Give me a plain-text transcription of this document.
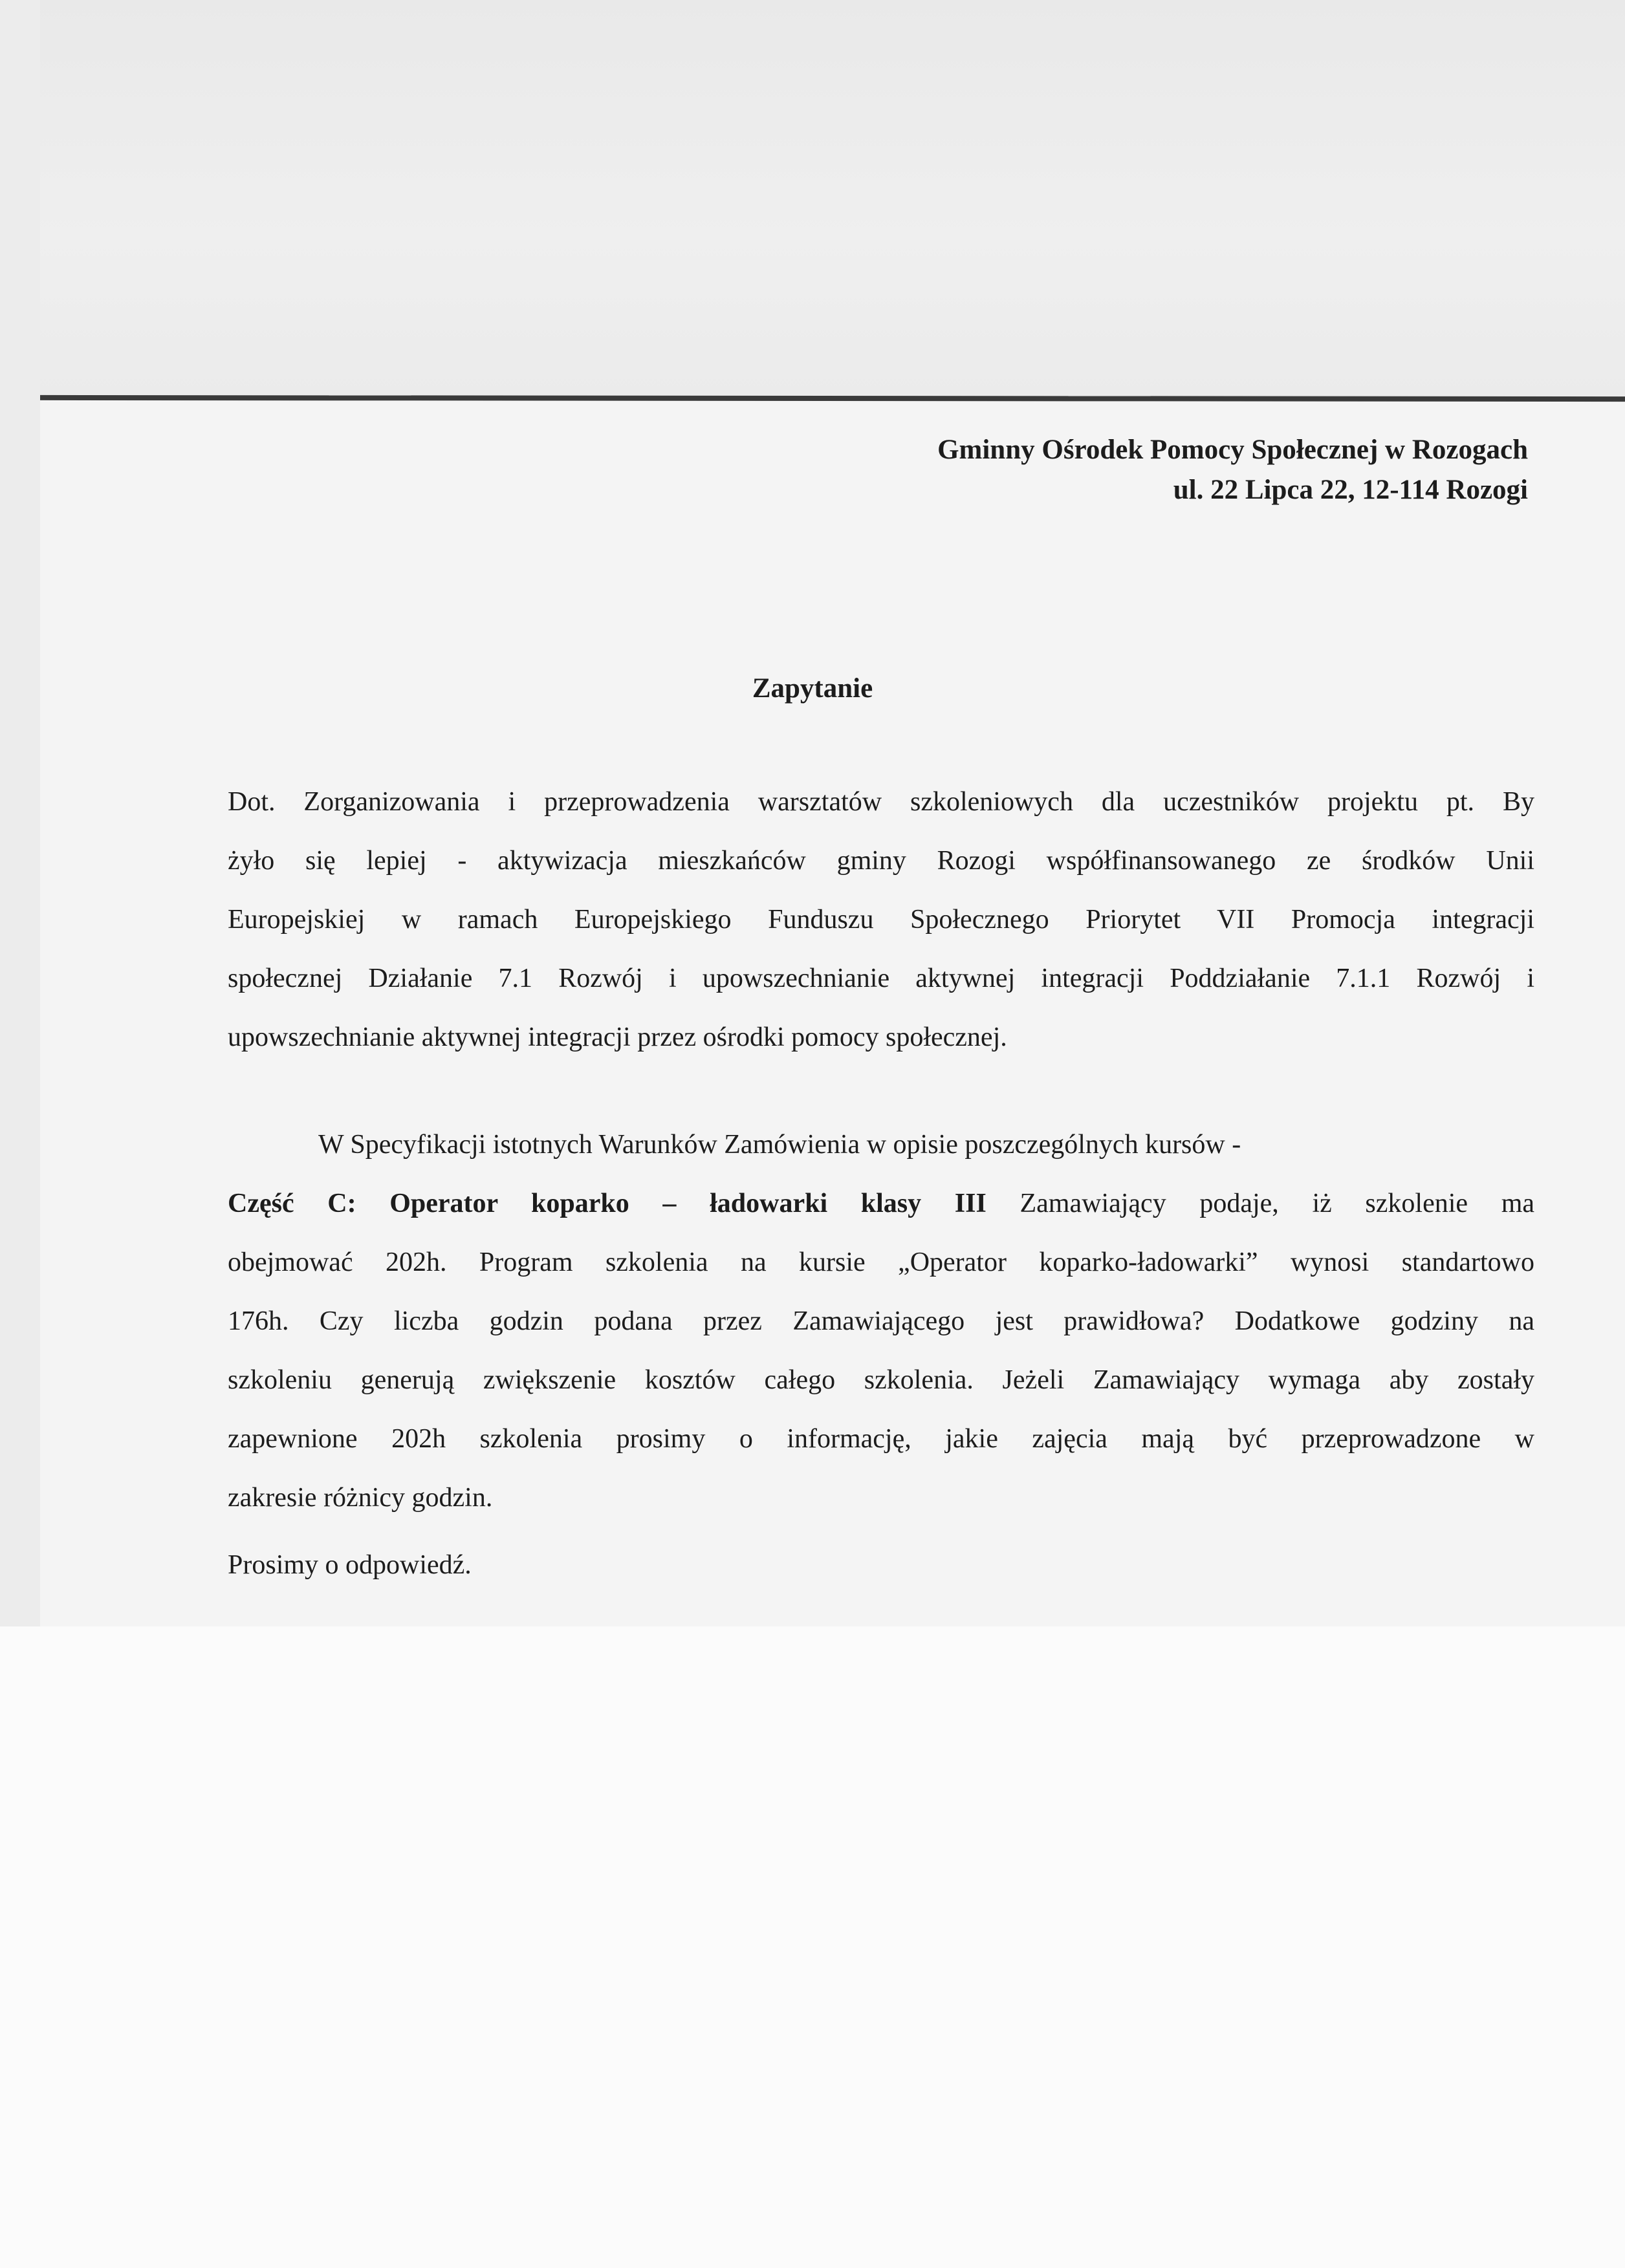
Gminny Ośrodek Pomocy Społecznej w Rozogach
ul. 22 Lipca 22, 12-114 Rozogi
Zapytanie
Dot. Zorganizowania i przeprowadzenia warsztatów szkoleniowych dla uczestników projektu pt. By
żyło się lepiej - aktywizacja mieszkańców gminy Rozogi współfinansowanego ze środków Unii
Europejskiej w ramach Europejskiego Funduszu Społecznego Priorytet VII Promocja integracji
społecznej Działanie 7.1 Rozwój i upowszechnianie aktywnej integracji Poddziałanie 7.1.1 Rozwój i
upowszechnianie aktywnej integracji przez ośrodki pomocy społecznej.
W Specyfikacji istotnych Warunków Zamówienia w opisie poszczególnych kursów -
Część C: Operator koparko – ładowarki klasy III Zamawiający podaje, iż szkolenie ma
obejmować 202h. Program szkolenia na kursie „Operator koparko-ładowarki” wynosi standartowo
176h. Czy liczba godzin podana przez Zamawiającego jest prawidłowa? Dodatkowe godziny na
szkoleniu generują zwiększenie kosztów całego szkolenia. Jeżeli Zamawiający wymaga aby zostały
zapewnione 202h szkolenia prosimy o informację, jakie zajęcia mają być przeprowadzone w
zakresie różnicy godzin.
Prosimy o odpowiedź.
